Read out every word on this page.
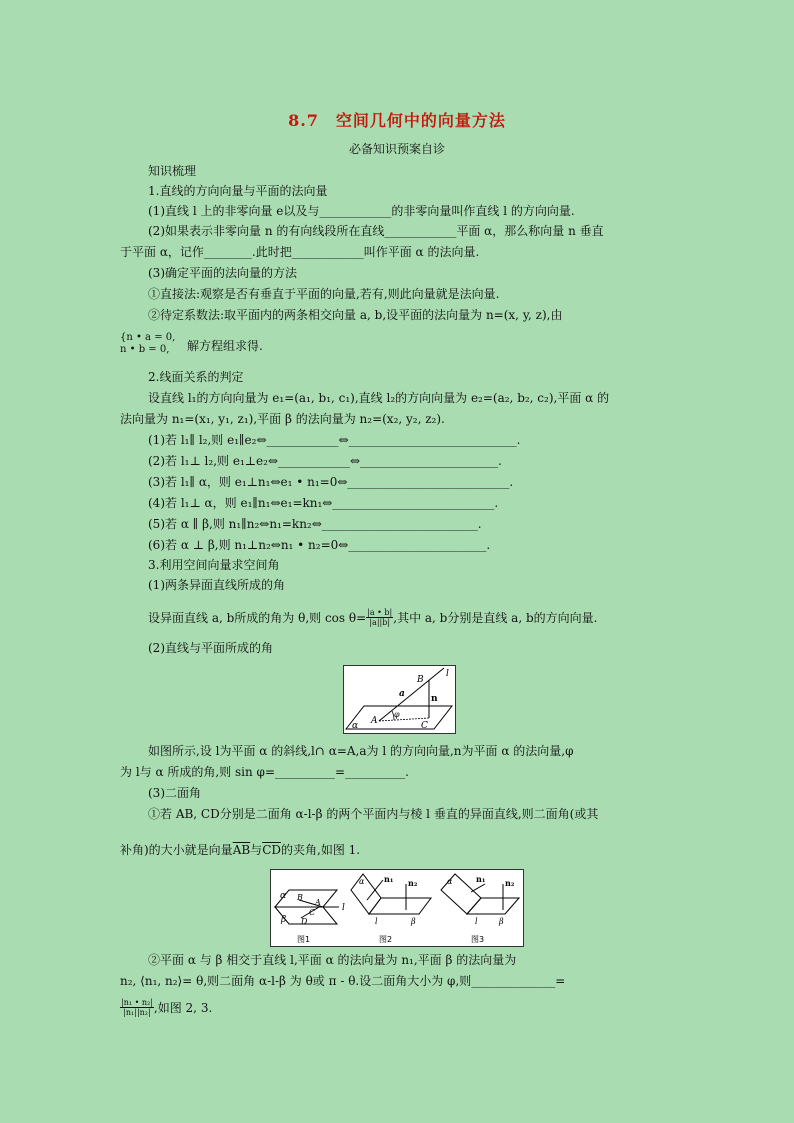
8.7　空间几何中的向量方法
必备知识预案自诊
知识梳理
1.直线的方向向量与平面的法向量
(1)直线 l 上的非零向量 e以及与____________的非零向量叫作直线 l 的方向向量.
(2)如果表示非零向量 n 的有向线段所在直线____________平面 α，那么称向量 n 垂直
于平面 α，记作________.此时把____________叫作平面 α 的法向量.
(3)确定平面的法向量的方法
①直接法:观察是否有垂直于平面的向量,若有,则此向量就是法向量.
②待定系数法:取平面内的两条相交向量 a, b,设平面的法向量为 n=(x, y, z),由
{n • a = 0,
n • b = 0, 解方程组求得.
2.线面关系的判定
设直线 l₁的方向向量为 e₁=(a₁, b₁, c₁),直线 l₂的方向向量为 e₂=(a₂, b₂, c₂),平面 α 的
法向量为 n₁=(x₁, y₁, z₁),平面 β 的法向量为 n₂=(x₂, y₂, z₂).
(1)若 l₁∥ l₂,则 e₁∥e₂⇔____________⇔____________________________.
(2)若 l₁⊥ l₂,则 e₁⊥e₂⇔____________⇔_______________________.
(3)若 l₁∥ α，则 e₁⊥n₁⇔e₁ • n₁=0⇔___________________________.
(4)若 l₁⊥ α，则 e₁∥n₁⇔e₁=kn₁⇔___________________________.
(5)若 α ∥ β,则 n₁∥n₂⇔n₁=kn₂⇔__________________________.
(6)若 α ⊥ β,则 n₁⊥n₂⇔n₁ • n₂=0⇔_______________________.
3.利用空间向量求空间角
(1)两条异面直线所成的角
设异面直线 a, b所成的角为 θ,则 $\cos \theta= \frac{|a • b|}{|a||b|}$ ,其中 a, b分别是直线 a, b的方向向量.
(2)直线与平面所成的角
l
B
n
a
φ
A	C
α
如图所示,设 l为平面 α 的斜线,l∩ α=A,a为 l 的方向向量,n为平面 α 的法向量,φ
为 l与 α 所成的角,则 sin φ=__________=__________.
(3)二面角
①若 AB, CD分别是二面角 α-l-β 的两个平面内与棱 l 垂直的异面直线,则二面角(或其
补角)的大小就是向量$\overline{AB}$与$\overline{CD}$的夹角,如图 1.
α
β
B
A
C
D
l
图1
α n₁ n₂
l	β
图2
α	n₁ n₂
l	β
图3
②平面 α 与 β 相交于直线 l,平面 α 的法向量为 n₁,平面 β 的法向量为
n₂, ⟨n₁, n₂⟩= θ,则二面角 α-l-β 为 θ或 π - θ.设二面角大小为 φ,则______________=
$\frac{\text{|n₁ • n₂|}}{\text{|n₁||n₂|}}$ ,如图 2, 3.
